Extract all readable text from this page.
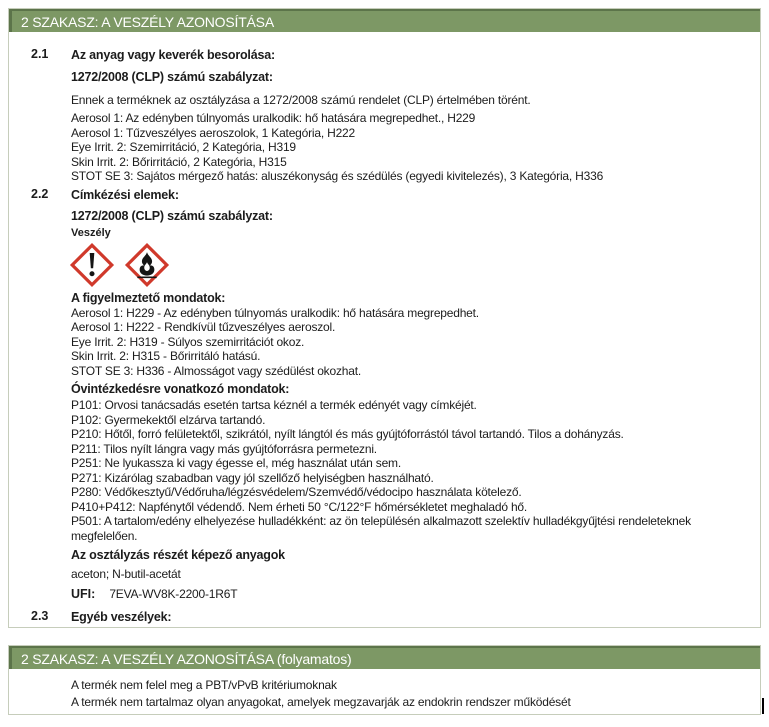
2 SZAKASZ: A VESZÉLY AZONOSÍTÁSA
2.1	Az anyag vagy keverék besorolása:
1272/2008 (CLP) számú szabályzat:
Ennek a terméknek az osztályzása a 1272/2008 számú rendelet (CLP) értelmében törént.
Aerosol 1: Az edényben túlnyomás uralkodik: hő hatására megrepedhet., H229
Aerosol 1: Tűzveszélyes aeroszolok, 1 Kategória, H222
Eye Irrit. 2: Szemirritáció, 2 Kategória, H319
Skin Irrit. 2: Bőrirritáció, 2 Kategória, H315
STOT SE 3: Sajátos mérgező hatás: aluszékonyság és szédülés (egyedi kivitelezés), 3 Kategória, H336
2.2	Címkézési elemek:
1272/2008 (CLP) számú szabályzat:
Veszély
A figyelmeztető mondatok:
Aerosol 1: H229 - Az edényben túlnyomás uralkodik: hő hatására megrepedhet.
Aerosol 1: H222 - Rendkívül tűzveszélyes aeroszol.
Eye Irrit. 2: H319 - Súlyos szemirritációt okoz.
Skin Irrit. 2: H315 - Bőrirritáló hatású.
STOT SE 3: H336 - Almosságot vagy szédülést okozhat.
Óvintézkedésre vonatkozó mondatok:
P101: Orvosi tanácsadás esetén tartsa kéznél a termék edényét vagy címkéjét.
P102: Gyermekektől elzárva tartandó.
P210: Hőtől, forró felületektől, szikrától, nyílt lángtól és más gyújtóforrástól távol tartandó. Tilos a dohányzás.
P211: Tilos nyílt lángra vagy más gyújtóforrásra permetezni.
P251: Ne lyukassza ki vagy égesse el, még használat után sem.
P271: Kizárólag szabadban vagy jól szellőző helyiségben használható.
P280: Védőkesztyű/Védőruha/légzésvédelem/Szemvédő/védocipo használata kötelező.
P410+P412: Napfénytől védendő. Nem érheti 50 °C/122°F hőmérsékletet meghaladó hő.
P501: A tartalom/edény elhelyezése hulladékként: az ön településén alkalmazott szelektív hulladékgyűjtési rendeleteknek megfelelően.
Az osztályzás részét képező anyagok
aceton; N-butil-acetát
UFI: 7EVA-WV8K-2200-1R6T
2.3	Egyéb veszélyek:
2 SZAKASZ: A VESZÉLY AZONOSÍTÁSA (folyamatos)
A termék nem felel meg a PBT/vPvB kritériumoknak
A termék nem tartalmaz olyan anyagokat, amelyek megzavarják az endokrin rendszer működését
